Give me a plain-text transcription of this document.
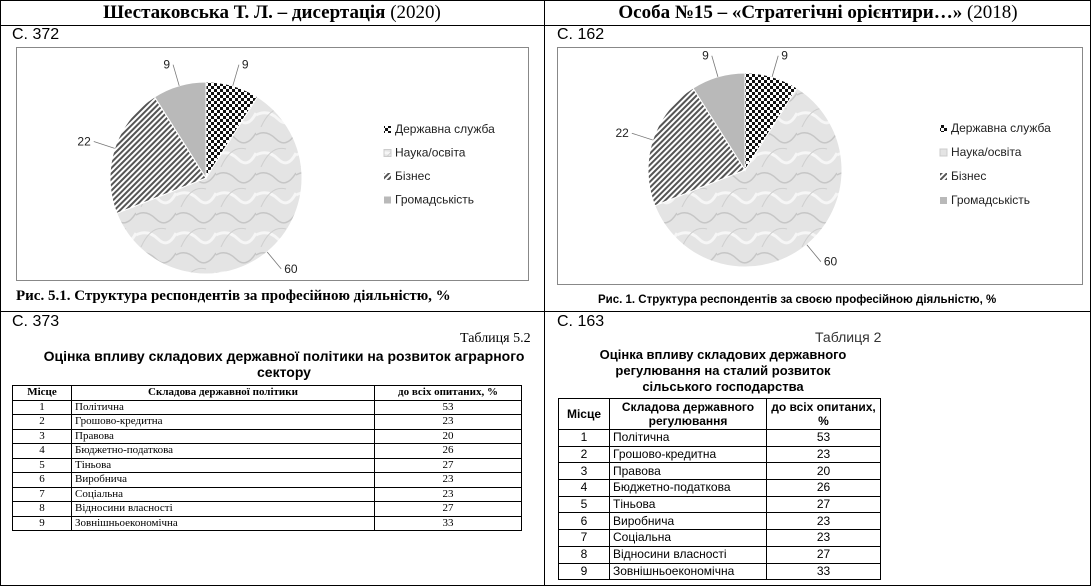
Шестаковська Т. Л. – дисертація (2020)	Особа №15 – «Стратегічні орієнтири…» (2018)
С. 372
9
60
22
9
Державна служба
Наука/освіта
Бізнес
Громадськість
Рис. 5.1. Структура респондентів за професійною діяльністю, %
С. 162
9
60
22
9
Державна служба
Наука/освіта
Бізнес
Громадськість
Рис. 1. Структура респондентів за своєю професійною діяльністю, %
С. 373
Таблиця 5.2
Оцінка впливу складових державної політики на розвиток аграрного сектору
Місце	Складова державної політики	до всіх опитаних, %
1	Політична	53
2	Грошово-кредитна	23
3	Правова	20
4	Бюджетно-податкова	26
5	Тіньова	27
6	Виробнича	23
7	Соціальна	23
8	Відносини власності	27
9	Зовнішньоекономічна	33
С. 163
Таблиця 2
Оцінка впливу складових державного
регулювання на сталий розвиток
сільського господарства
Місце	Складова державного регулювання	до всіх опитаних, %
1	Політична	53
2	Грошово-кредитна	23
3	Правова	20
4	Бюджетно-податкова	26
5	Тіньова	27
6	Виробнича	23
7	Соціальна	23
8	Відносини власності	27
9	Зовнішньоекономічна	33
